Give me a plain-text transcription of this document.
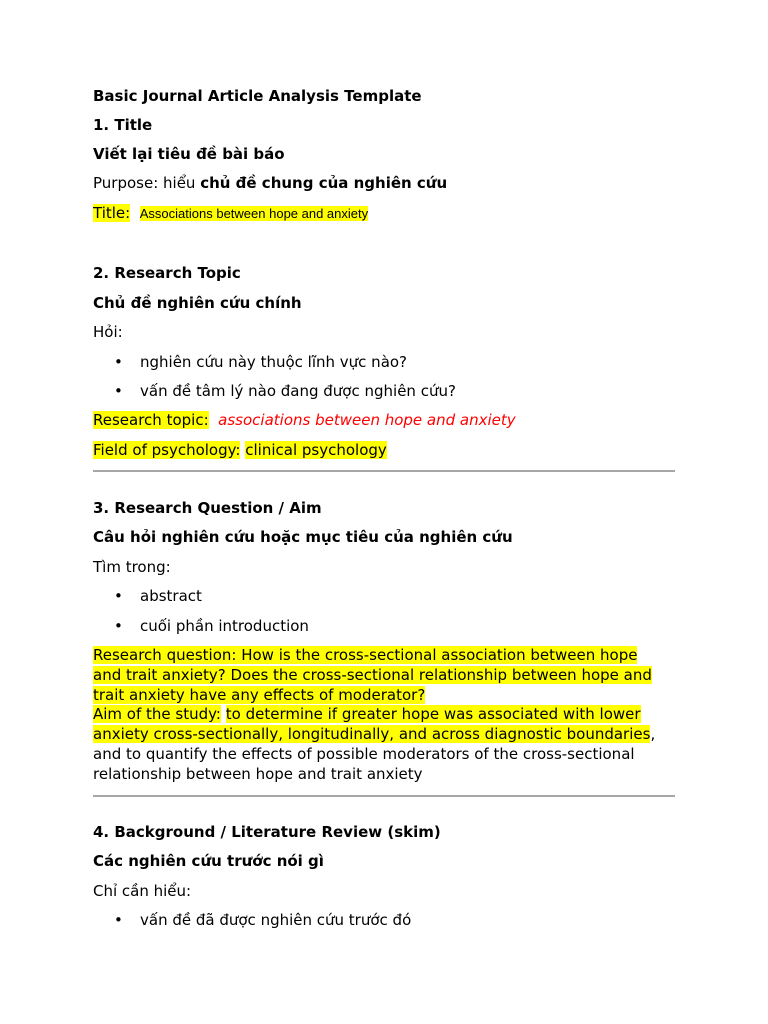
Basic Journal Article Analysis Template
1. Title
Viết lại tiêu đề bài báo
Purpose: hiểu chủ đề chung của nghiên cứu
Title: Associations between hope and anxiety
2. Research Topic
Chủ đề nghiên cứu chính
Hỏi:
• nghiên cứu này thuộc lĩnh vực nào?
• vấn đề tâm lý nào đang được nghiên cứu?
Research topic: associations between hope and anxiety
Field of psychology: clinical psychology
3. Research Question / Aim
Câu hỏi nghiên cứu hoặc mục tiêu của nghiên cứu
Tìm trong:
• abstract
• cuối phần introduction
Research question: How is the cross-sectional association between hope
and trait anxiety? Does the cross-sectional relationship between hope and
trait anxiety have any effects of moderator?
Aim of the study: to determine if greater hope was associated with lower
anxiety cross-sectionally, longitudinally, and across diagnostic boundaries,
and to quantify the effects of possible moderators of the cross-sectional
relationship between hope and trait anxiety
4. Background / Literature Review (skim)
Các nghiên cứu trước nói gì
Chỉ cần hiểu:
• vấn đề đã được nghiên cứu trước đó
